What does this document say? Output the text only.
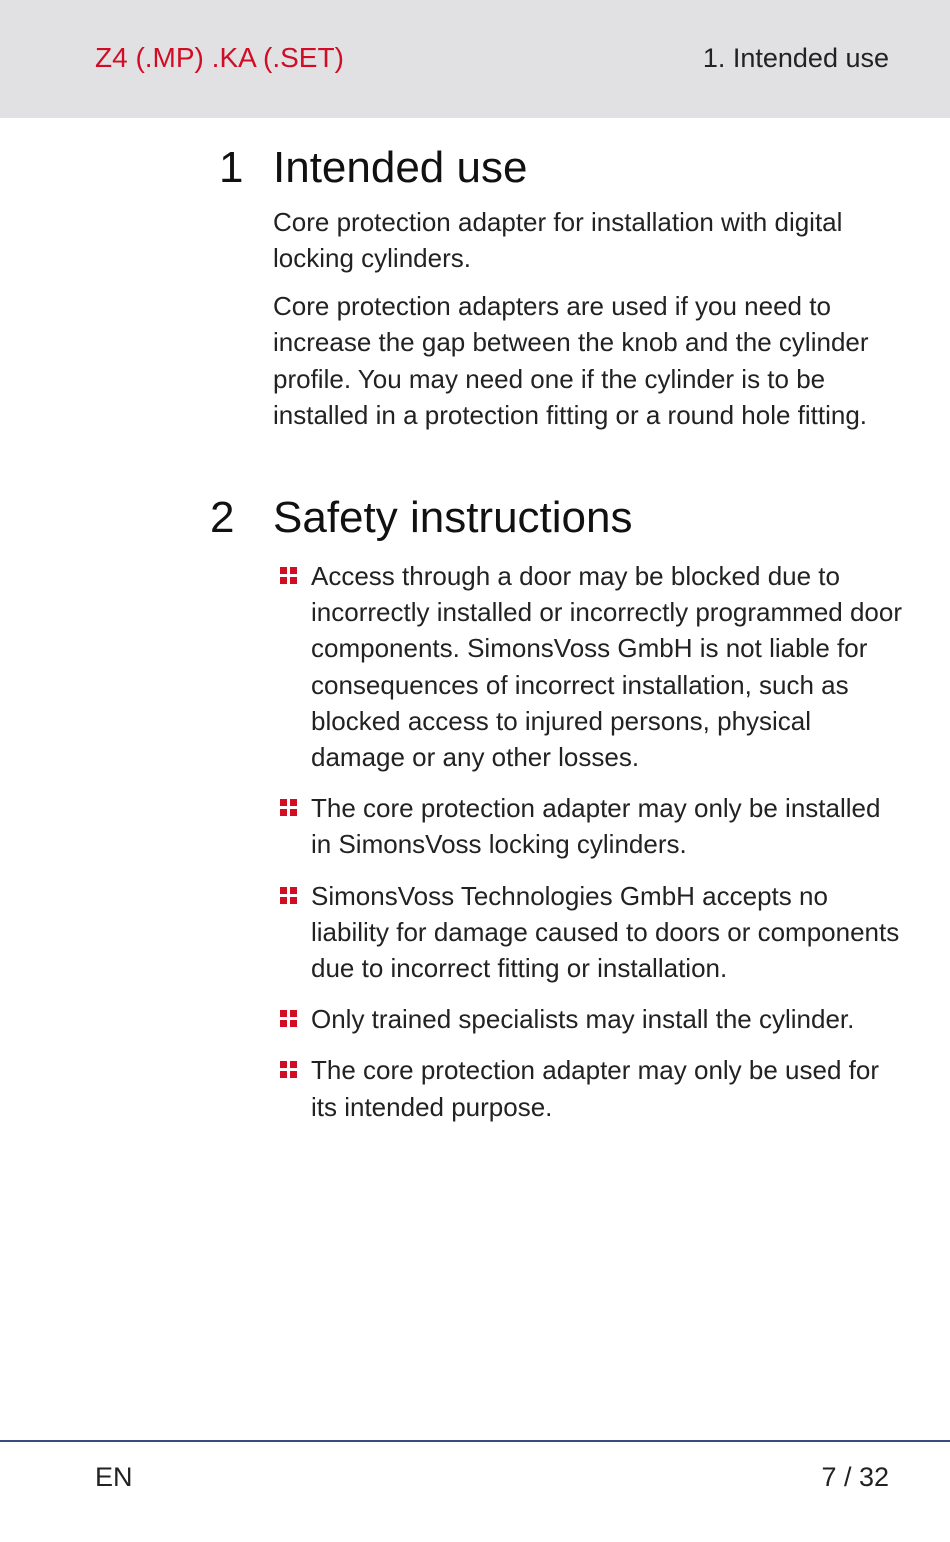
Z4 (.MP) .KA (.SET)	1. Intended use
1 Intended use

Core protection adapter for installation with digital locking cylinders.

Core protection adapters are used if you need to increase the gap between the knob and the cylinder profile. You may need one if the cylinder is to be installed in a protection fitting or a round hole fitting.

2 Safety instructions
Access through a door may be blocked due to incorrectly installed or incorrectly programmed door components. SimonsVoss GmbH is not liable for consequences of incorrect installation, such as blocked access to injured persons, physical damage or any other losses.
The core protection adapter may only be installed in SimonsVoss locking cylinders.
SimonsVoss Technologies GmbH accepts no liability for damage caused to doors or components due to incorrect fitting or installation.
Only trained specialists may install the cylinder.
The core protection adapter may only be used for its intended purpose.
EN	7 / 32
